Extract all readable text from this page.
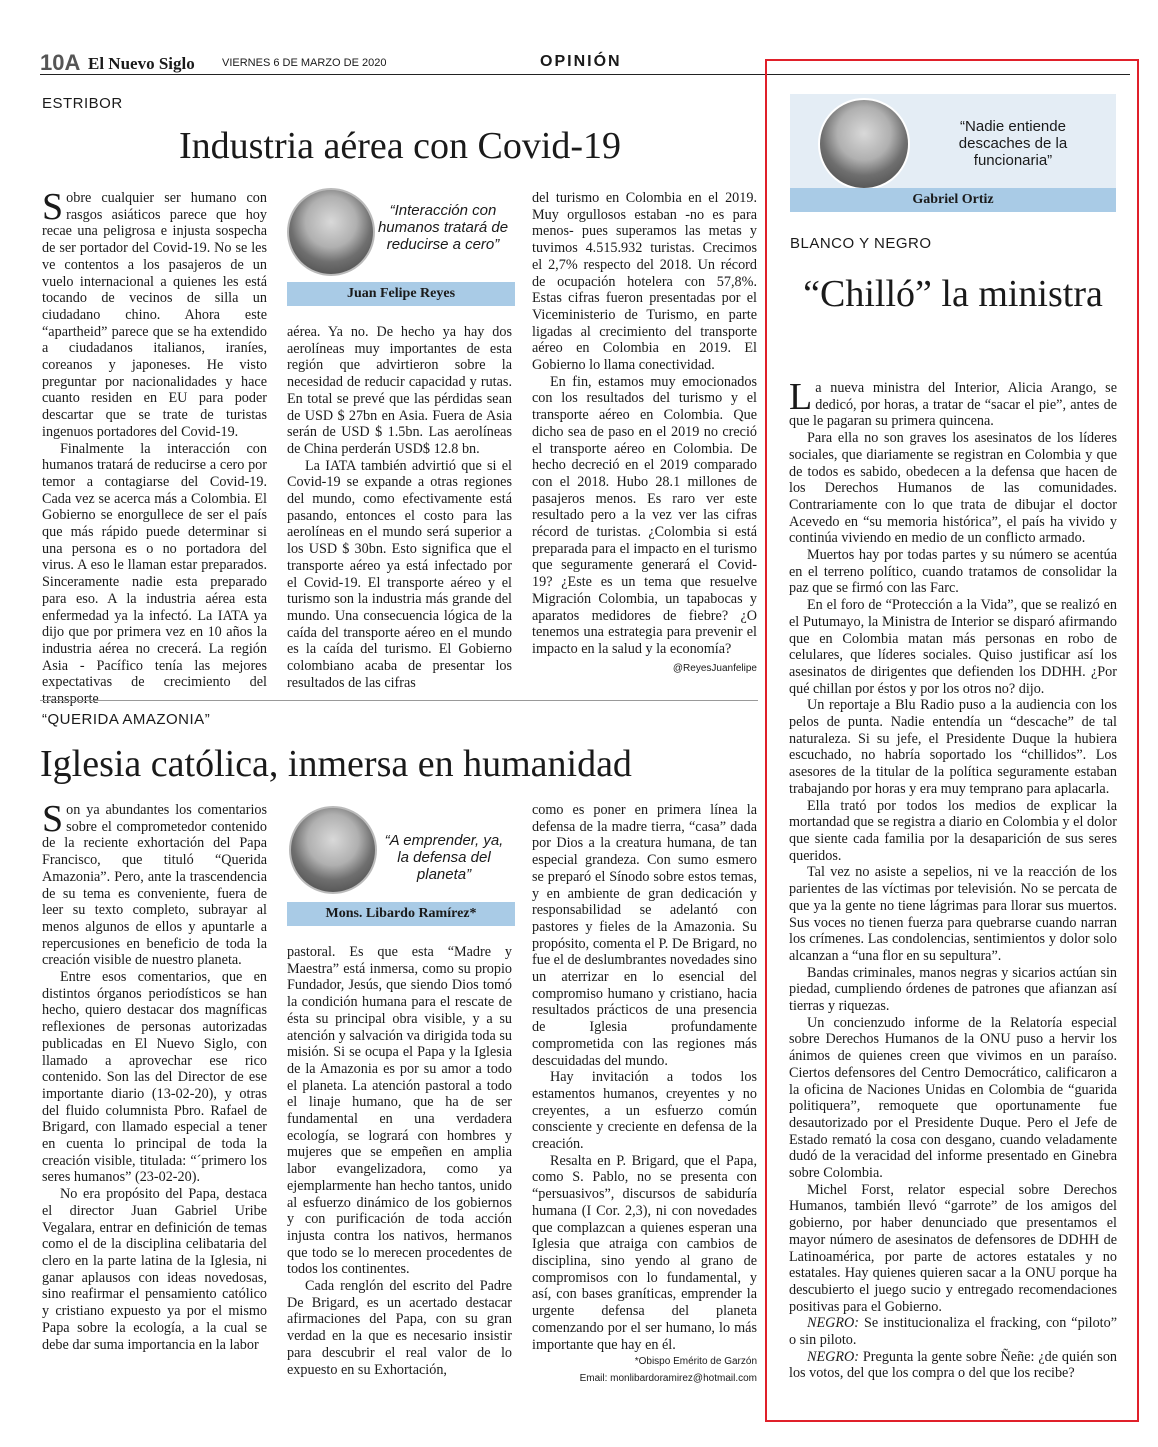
10A El Nuevo Siglo VIERNES 6 DE MARZO DE 2020	OPINIÓN
ESTRIBOR
Industria aérea con Covid-19

Sobre cualquier ser humano con rasgos asiáticos parece que hoy recae una peligrosa e injusta sospecha de ser portador del Covid-19. No se les ve contentos a los pasajeros de un vuelo internacional a quienes les está tocando de vecinos de silla un ciudadano chino. Ahora este “apartheid” parece que se ha extendido a ciudadanos italianos, iraníes, coreanos y japoneses. He visto preguntar por nacionalidades y hace cuanto residen en EU para poder descartar que se trate de turistas ingenuos portadores del Covid-19.

Finalmente la interacción con humanos tratará de reducirse a cero por temor a contagiarse del Covid-19. Cada vez se acerca más a Colombia. El Gobierno se enorgullece de ser el país que más rápido puede determinar si una persona es o no portadora del virus. A eso le llaman estar preparados. Sinceramente nadie esta preparado para eso. A la industria aérea esta enfermedad ya la infectó. La IATA ya dijo que por primera vez en 10 años la industria aérea no crecerá. La región Asia - Pacífico tenía las mejores expectativas de crecimiento del transporte

“Interacción con humanos tratará de reducirse a cero”
Juan Felipe Reyes

aérea. Ya no. De hecho ya hay dos aerolíneas muy importantes de esta región que advirtieron sobre la necesidad de reducir capacidad y rutas. En total se prevé que las pérdidas sean de USD $ 27bn en Asia. Fuera de Asia serán de USD $ 1.5bn. Las aerolíneas de China perderán USD$ 12.8 bn.

La IATA también advirtió que si el Covid-19 se expande a otras regiones del mundo, como efectivamente está pasando, entonces el costo para las aerolíneas en el mundo será superior a los USD $ 30bn. Esto significa que el transporte aéreo ya está infectado por el Covid-19. El transporte aéreo y el turismo son la industria más grande del mundo. Una consecuencia lógica de la caída del transporte aéreo en el mundo es la caída del turismo. El Gobierno colombiano acaba de presentar los resultados de las cifras

del turismo en Colombia en el 2019. Muy orgullosos estaban -no es para menos- pues superamos las metas y tuvimos 4.515.932 turistas. Crecimos el 2,7% respecto del 2018. Un récord de ocupación hotelera con 57,8%. Estas cifras fueron presentadas por el Viceministerio de Turismo, en parte ligadas al crecimiento del transporte aéreo en Colombia en 2019. El Gobierno lo llama conectividad.

En fin, estamos muy emocionados con los resultados del turismo y el transporte aéreo en Colombia. Que dicho sea de paso en el 2019 no creció el transporte aéreo en Colombia. De hecho decreció en el 2019 comparado con el 2018. Hubo 28.1 millones de pasajeros menos. Es raro ver este resultado pero a la vez ver las cifras récord de turistas. ¿Colombia si está preparada para el impacto en el turismo que seguramente generará el Covid-19? ¿Este es un tema que resuelve Migración Colombia, un tapabocas y aparatos medidores de fiebre? ¿O tenemos una estrategia para prevenir el impacto en la salud y la economía?

@ReyesJuanfelipe
“QUERIDA AMAZONIA”
Iglesia católica, inmersa en humanidad

Son ya abundantes los comentarios sobre el comprometedor contenido de la reciente exhortación del Papa Francisco, que tituló “Querida Amazonia”. Pero, ante la trascendencia de su tema es conveniente, fuera de leer su texto completo, subrayar al menos algunos de ellos y apuntarle a repercusiones en beneficio de toda la creación visible de nuestro planeta.

Entre esos comentarios, que en distintos órganos periodísticos se han hecho, quiero destacar dos magníficas reflexiones de personas autorizadas publicadas en El Nuevo Siglo, con llamado a aprovechar ese rico contenido. Son las del Director de ese importante diario (13-02-20), y otras del fluido columnista Pbro. Rafael de Brigard, con llamado especial a tener en cuenta lo principal de toda la creación visible, titulada: “´primero los seres humanos” (23-02-20).

No era propósito del Papa, destaca el director Juan Gabriel Uribe Vegalara, entrar en definición de temas como el de la disciplina celibataria del clero en la parte latina de la Iglesia, ni ganar aplausos con ideas novedosas, sino reafirmar el pensamiento católico y cristiano expuesto ya por el mismo Papa sobre la ecología, a la cual se debe dar suma importancia en la labor

“A emprender, ya, la defensa del planeta”
Mons. Libardo Ramírez*

pastoral. Es que esta “Madre y Maestra” está inmersa, como su propio Fundador, Jesús, que siendo Dios tomó la condición humana para el rescate de ésta su principal obra visible, y a su atención y salvación va dirigida toda su misión. Si se ocupa el Papa y la Iglesia de la Amazonia es por su amor a todo el planeta. La atención pastoral a todo el linaje humano, que ha de ser fundamental en una verdadera ecología, se logrará con hombres y mujeres que se empeñen en amplia labor evangelizadora, como ya ejemplarmente han hecho tantos, unido al esfuerzo dinámico de los gobiernos y con purificación de toda acción injusta contra los nativos, hermanos que todo se lo merecen procedentes de todos los continentes.

Cada renglón del escrito del Padre De Brigard, es un acertado destacar afirmaciones del Papa, con su gran verdad en la que es necesario insistir para descubrir el real valor de lo expuesto en su Exhortación,

como es poner en primera línea la defensa de la madre tierra, “casa” dada por Dios a la creatura humana, de tan especial grandeza. Con sumo esmero se preparó el Sínodo sobre estos temas, y en ambiente de gran dedicación y responsabilidad se adelantó con pastores y fieles de la Amazonia. Su propósito, comenta el P. De Brigard, no fue el de deslumbrantes novedades sino un aterrizar en lo esencial del compromiso humano y cristiano, hacia resultados prácticos de una presencia de Iglesia profundamente comprometida con las regiones más descuidadas del mundo.

Hay invitación a todos los estamentos humanos, creyentes y no creyentes, a un esfuerzo común consciente y creciente en defensa de la creación.

Resalta en P. Brigard, que el Papa, como S. Pablo, no se presenta con “persuasivos”, discursos de sabiduría humana (I Cor. 2,3), ni con novedades que complazcan a quienes esperan una Iglesia que atraiga con cambios de disciplina, sino yendo al grano de compromisos con lo fundamental, y así, con bases graníticas, emprender la urgente defensa del planeta comenzando por el ser humano, lo más importante que hay en él.

*Obispo Emérito de Garzón
Email: monlibardoramirez@hotmail.com
“Nadie entiende descaches de la funcionaria”
Gabriel Ortiz
BLANCO Y NEGRO
“Chilló” la ministra

La nueva ministra del Interior, Alicia Arango, se dedicó, por horas, a tratar de “sacar el pie”, antes de que le pagaran su primera quincena.

Para ella no son graves los asesinatos de los líderes sociales, que diariamente se registran en Colombia y que de todos es sabido, obedecen a la defensa que hacen de los Derechos Humanos de las comunidades. Contrariamente con lo que trata de dibujar el doctor Acevedo en “su memoria histórica”, el país ha vivido y continúa viviendo en medio de un conflicto armado.

Muertos hay por todas partes y su número se acentúa en el terreno político, cuando tratamos de consolidar la paz que se firmó con las Farc.

En el foro de “Protección a la Vida”, que se realizó en el Putumayo, la Ministra de Interior se disparó afirmando que en Colombia matan más personas en robo de celulares, que líderes sociales. Quiso justificar así los asesinatos de dirigentes que defienden los DDHH. ¿Por qué chillan por éstos y por los otros no? dijo.

Un reportaje a Blu Radio puso a la audiencia con los pelos de punta. Nadie entendía un “descache” de tal naturaleza. Si su jefe, el Presidente Duque la hubiera escuchado, no habría soportado los “chillidos”. Los asesores de la titular de la política seguramente estaban trabajando por horas y era muy temprano para aplacarla.

Ella trató por todos los medios de explicar la mortandad que se registra a diario en Colombia y el dolor que siente cada familia por la desaparición de sus seres queridos.

Tal vez no asiste a sepelios, ni ve la reacción de los parientes de las víctimas por televisión. No se percata de que ya la gente no tiene lágrimas para llorar sus muertos. Sus voces no tienen fuerza para quebrarse cuando narran los crímenes. Las condolencias, sentimientos y dolor solo alcanzan a “una flor en su sepultura”.

Bandas criminales, manos negras y sicarios actúan sin piedad, cumpliendo órdenes de patrones que afianzan así tierras y riquezas.

Un concienzudo informe de la Relatoría especial sobre Derechos Humanos de la ONU puso a hervir los ánimos de quienes creen que vivimos en un paraíso. Ciertos defensores del Centro Democrático, calificaron a la oficina de Naciones Unidas en Colombia de “guarida politiquera”, remoquete que oportunamente fue desautorizado por el Presidente Duque. Pero el Jefe de Estado remató la cosa con desgano, cuando veladamente dudó de la veracidad del informe presentado en Ginebra sobre Colombia.

Michel Forst, relator especial sobre Derechos Humanos, también llevó “garrote” de los amigos del gobierno, por haber denunciado que presentamos el mayor número de asesinatos de defensores de DDHH de Latinoamérica, por parte de actores estatales y no estatales. Hay quienes quieren sacar a la ONU porque ha descubierto el juego sucio y entregado recomendaciones positivas para el Gobierno.

NEGRO: Se institucionaliza el fracking, con “piloto” o sin piloto.

NEGRO: Pregunta la gente sobre Ñeñe: ¿de quién son los votos, del que los compra o del que los recibe?
